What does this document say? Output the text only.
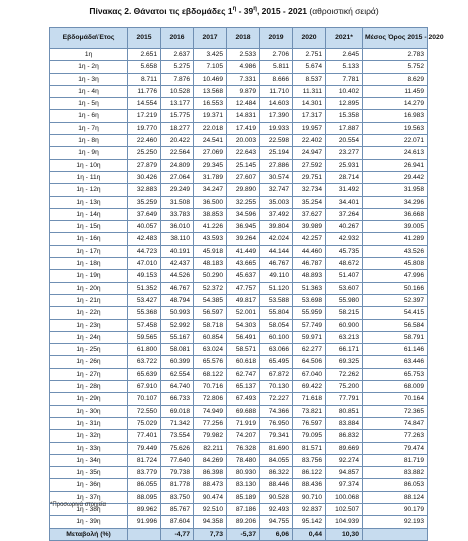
Πίνακας 2. Θάνατοι τις εβδομάδες $1^\eta - 39^\eta$, 2015 - 2021 (αθροιστική σειρά)
Εβδομάδα\Έτος	2015	2016	2017	2018	2019	2020	2021*	Μέσος Όρος 2015 - 2020
1η	2.651	2.637	3.425	2.533	2.706	2.751	2.645	2.783
1η - 2η	5.658	5.275	7.105	4.986	5.811	5.674	5.133	5.752
1η - 3η	8.711	7.876	10.469	7.331	8.666	8.537	7.781	8.629
1η - 4η	11.776	10.528	13.568	9.879	11.710	11.311	10.402	11.459
1η - 5η	14.554	13.177	16.553	12.484	14.603	14.301	12.895	14.279
1η - 6η	17.219	15.775	19.371	14.831	17.390	17.317	15.358	16.983
1η - 7η	19.770	18.277	22.018	17.419	19.933	19.957	17.887	19.563
1η - 8η	22.460	20.422	24.541	20.003	22.598	22.402	20.554	22.071
1η - 9η	25.250	22.564	27.069	22.643	25.194	24.947	23.277	24.613
1η - 10η	27.879	24.809	29.345	25.145	27.886	27.592	25.931	26.941
1η - 11η	30.426	27.064	31.789	27.607	30.574	29.751	28.714	29.442
1η - 12η	32.883	29.249	34.247	29.890	32.747	32.734	31.492	31.958
1η - 13η	35.259	31.508	36.500	32.255	35.003	35.254	34.401	34.296
1η - 14η	37.649	33.783	38.853	34.596	37.492	37.627	37.264	36.668
1η - 15η	40.057	36.010	41.226	36.945	39.804	39.989	40.267	39.005
1η - 16η	42.483	38.110	43.593	39.264	42.024	42.257	42.932	41.289
1η - 17η	44.723	40.191	45.918	41.449	44.144	44.460	45.735	43.526
1η - 18η	47.010	42.437	48.183	43.665	46.767	46.787	48.672	45.808
1η - 19η	49.153	44.526	50.290	45.637	49.110	48.893	51.407	47.996
1η - 20η	51.352	46.767	52.372	47.757	51.120	51.363	53.607	50.166
1η - 21η	53.427	48.794	54.385	49.817	53.588	53.698	55.980	52.397
1η - 22η	55.368	50.993	56.597	52.001	55.804	55.959	58.215	54.415
1η - 23η	57.458	52.992	58.718	54.303	58.054	57.749	60.900	56.584
1η - 24η	59.565	55.167	60.854	56.491	60.100	59.971	63.213	58.791
1η - 25η	61.800	58.081	63.024	58.571	63.066	62.277	66.171	61.146
1η - 26η	63.722	60.399	65.576	60.618	65.495	64.506	69.325	63.446
1η - 27η	65.639	62.554	68.122	62.747	67.872	67.040	72.262	65.753
1η - 28η	67.910	64.740	70.716	65.137	70.130	69.422	75.200	68.009
1η - 29η	70.107	66.733	72.806	67.493	72.227	71.618	77.791	70.164
1η - 30η	72.550	69.018	74.949	69.688	74.366	73.821	80.851	72.365
1η - 31η	75.029	71.342	77.256	71.919	76.950	76.597	83.884	74.847
1η - 32η	77.401	73.554	79.982	74.207	79.341	79.095	86.832	77.263
1η - 33η	79.449	75.626	82.211	76.328	81.690	81.571	89.669	79.474
1η - 34η	81.724	77.640	84.269	78.480	84.055	83.756	92.274	81.719
1η - 35η	83.779	79.738	86.398	80.930	86.322	86.122	94.857	83.882
1η - 36η	86.055	81.778	88.473	83.130	88.446	88.436	97.374	86.053
1η - 37η	88.095	83.750	90.474	85.189	90.528	90.710	100.068	88.124
1η - 38η	89.962	85.767	92.510	87.186	92.493	92.837	102.507	90.179
1η - 39η	91.996	87.604	94.358	89.206	94.755	95.142	104.939	92.193
Μεταβολή (%)		-4,77	7,73	-5,37	6,06	0,44	10,30	
*Προσωρινά στοιχεία
